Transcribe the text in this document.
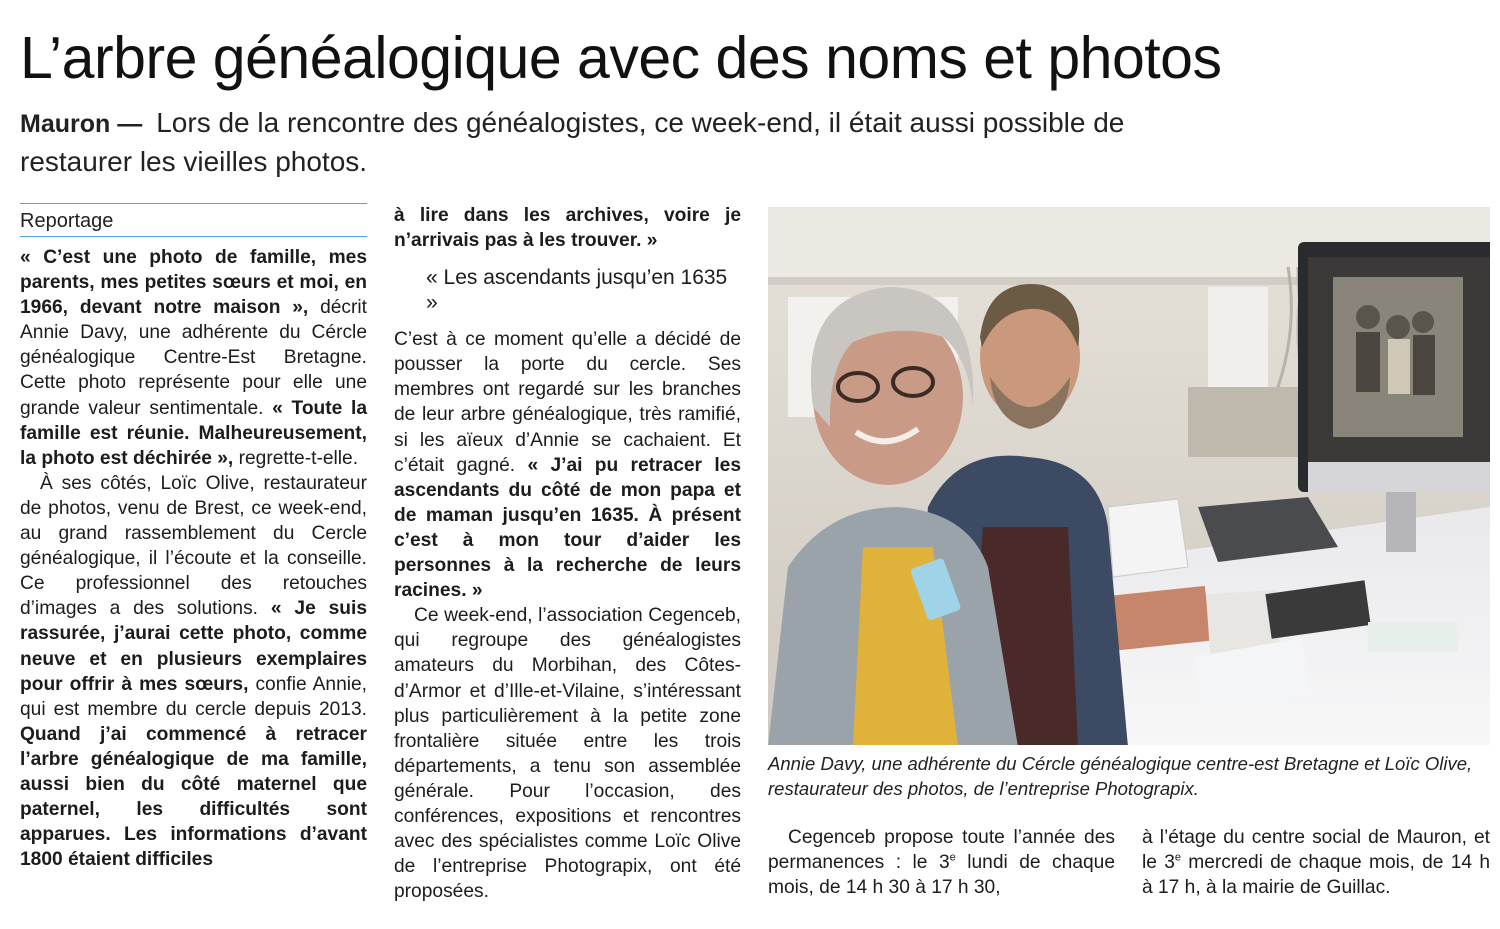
L’arbre généalogique avec des noms et photos

Mauron — Lors de la rencontre des généalogistes, ce week-end, il était aussi possible de restaurer les vieilles photos.

Reportage

« C’est une photo de famille, mes parents, mes petites sœurs et moi, en 1966, devant notre maison », décrit Annie Davy, une adhérente du Cércle généalogique Centre-Est Bretagne. Cette photo représente pour elle une grande valeur sentimentale. « Toute la famille est réunie. Malheureusement, la photo est déchirée », regrette-t-elle.

À ses côtés, Loïc Olive, restaurateur de photos, venu de Brest, ce week-end, au grand rassemblement du Cercle généalogique, il l’écoute et la conseille. Ce professionnel des retouches d’images a des solutions. « Je suis rassurée, j’aurai cette photo, comme neuve et en plusieurs exemplaires pour offrir à mes sœurs, confie Annie, qui est membre du cercle depuis 2013. Quand j’ai commencé à retracer l’arbre généalogique de ma famille, aussi bien du côté maternel que paternel, les difficultés sont apparues. Les informations d’avant 1800 étaient difficiles

à lire dans les archives, voire je n’arrivais pas à les trouver. »

« Les ascendants jusqu’en 1635 »

C’est à ce moment qu’elle a décidé de pousser la porte du cercle. Ses membres ont regardé sur les branches de leur arbre généalogique, très ramifié, si les aïeux d’Annie se cachaient. Et c’était gagné. « J’ai pu retracer les ascendants du côté de mon papa et de maman jusqu’en 1635. À présent c’est à mon tour d’aider les personnes à la recherche de leurs racines. »

Ce week-end, l’association Cegenceb, qui regroupe des généalogistes amateurs du Morbihan, des Côtes-d’Armor et d’Ille-et-Vilaine, s’intéressant plus particulièrement à la petite zone frontalière située entre les trois départements, a tenu son assemblée générale. Pour l’occasion, des conférences, expositions et rencontres avec des spécialistes comme Loïc Olive de l’entreprise Photograpix, ont été proposées.

Annie Davy, une adhérente du Cércle généalogique centre-est Bretagne et Loïc Olive, restaurateur des photos, de l’entreprise Photograpix.

Cegenceb propose toute l’année des permanences : le 3e lundi de chaque mois, de 14 h 30 à 17 h 30,

à l’étage du centre social de Mauron, et le 3e mercredi de chaque mois, de 14 h à 17 h, à la mairie de Guillac.
